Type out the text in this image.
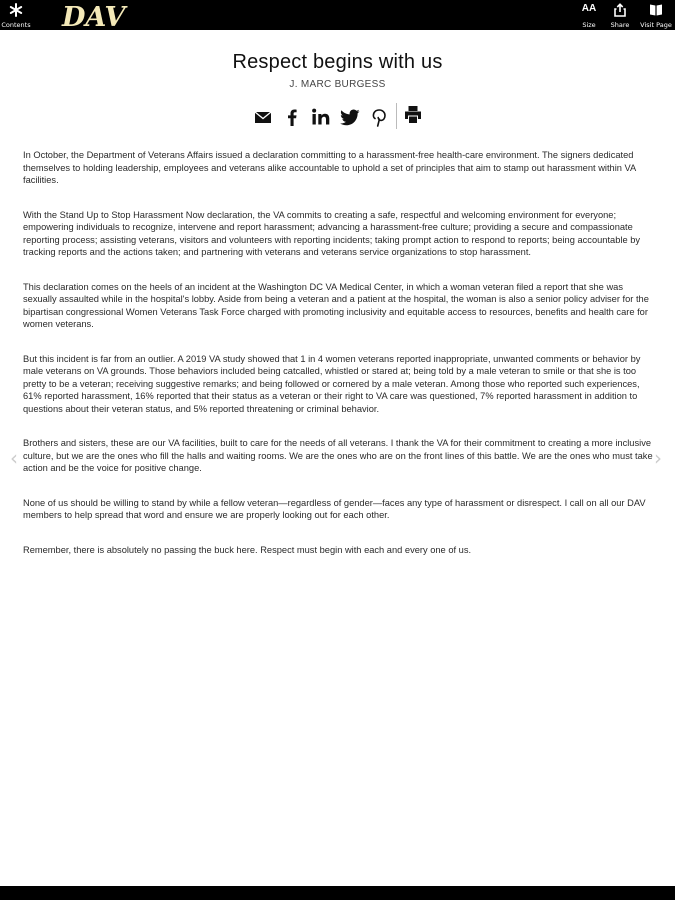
Contents DAV	AA
Size	Share	Visit Page
Respect begins with us
J. MARC BURGESS

In October, the Department of Veterans Affairs issued a declaration committing to a harassment-free health-care environment. The signers dedicated themselves to holding leadership, employees and veterans alike accountable to uphold a set of principles that aim to stamp out harassment within VA facilities.

With the Stand Up to Stop Harassment Now declaration, the VA commits to creating a safe, respectful and welcoming environment for everyone; empowering individuals to recognize, intervene and report harassment; advancing a harassment-free culture; providing a secure and compassionate reporting process; assisting veterans, visitors and volunteers with reporting incidents; taking prompt action to respond to reports; being accountable by tracking reports and the actions taken; and partnering with veterans and veterans service organizations to stop harassment.

This declaration comes on the heels of an incident at the Washington DC VA Medical Center, in which a woman veteran filed a report that she was sexually assaulted while in the hospital's lobby. Aside from being a veteran and a patient at the hospital, the woman is also a senior policy adviser for the bipartisan congressional Women Veterans Task Force charged with promoting inclusivity and equitable access to resources, benefits and health care for women veterans.

But this incident is far from an outlier. A 2019 VA study showed that 1 in 4 women veterans reported inappropriate, unwanted comments or behavior by male veterans on VA grounds. Those behaviors included being catcalled, whistled or stared at; being told by a male veteran to smile or that she is too pretty to be a veteran; receiving suggestive remarks; and being followed or cornered by a male veteran. Among those who reported such experiences, 61% reported harassment, 16% reported that their status as a veteran or their right to VA care was questioned, 7% reported harassment in addition to questions about their veteran status, and 5% reported threatening or criminal behavior.

Brothers and sisters, these are our VA facilities, built to care for the needs of all veterans. I thank the VA for their commitment to creating a more inclusive culture, but we are the ones who fill the halls and waiting rooms. We are the ones who are on the front lines of this battle. We are the ones who must take action and be the voice for positive change.

None of us should be willing to stand by while a fellow veteran—regardless of gender—faces any type of harassment or disrespect. I call on all our DAV members to help spread that word and ensure we are properly looking out for each other.

Remember, there is absolutely no passing the buck here. Respect must begin with each and every one of us.

‹	›
